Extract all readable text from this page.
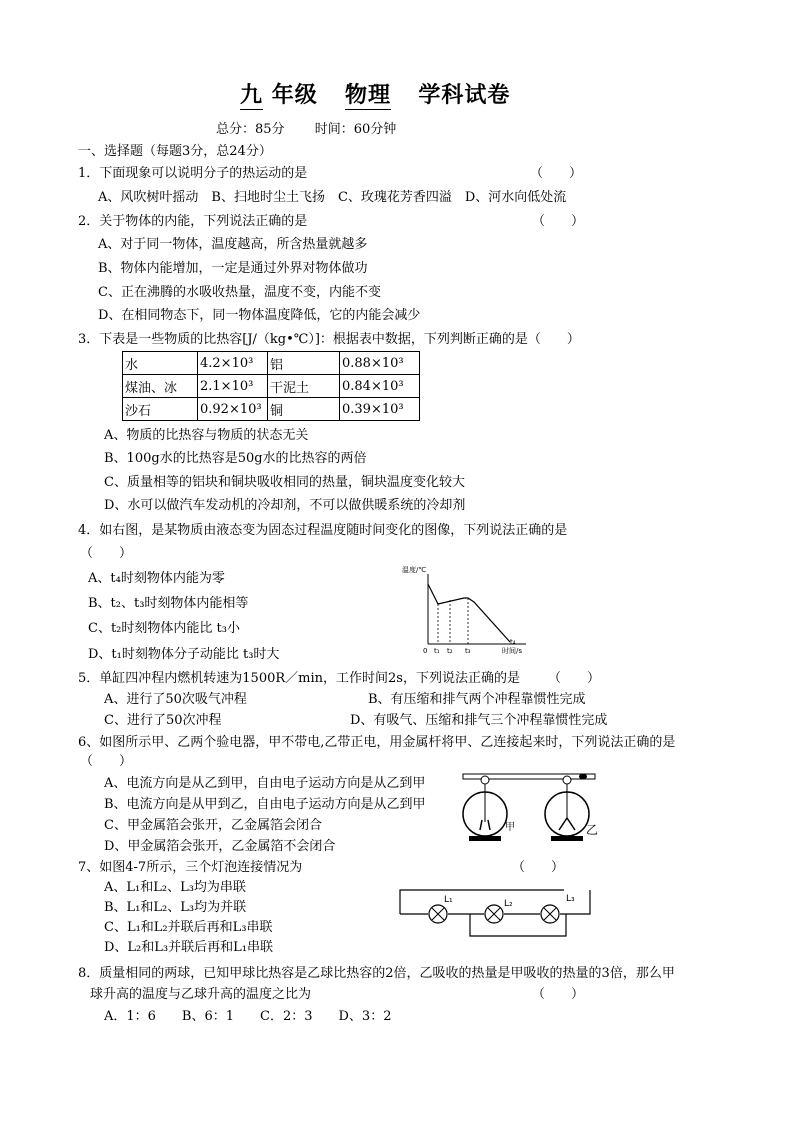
九 年级 物理 学科试卷
总分：85分 时间：60分钟
一、选择题（每题3分，总24分）
1．下面现象可以说明分子的热运动的是	（　　）
A、风吹树叶摇动　B、扫地时尘土飞扬　C、玫瑰花芳香四溢　D、河水向低处流
2．关于物体的内能，下列说法正确的是	（　　）
A、对于同一物体，温度越高，所含热量就越多
B、物体内能增加，一定是通过外界对物体做功
C、正在沸腾的水吸收热量，温度不变，内能不变
D、在相同物态下，同一物体温度降低，它的内能会减少
3．下表是一些物质的比热容[J/（kg•℃）]：根据表中数据，下列判断正确的是（　　）
水	4.2×10³	铝	0.88×10³
煤油、冰	2.1×10³	干泥土	0.84×10³
沙石	0.92×10³	铜	0.39×10³
A、物质的比热容与物质的状态无关
B、100g水的比热容是50g水的比热容的两倍
C、质量相等的铝块和铜块吸收相同的热量，铜块温度变化较大
D、水可以做汽车发动机的冷却剂，不可以做供暖系统的冷却剂
4．如右图，是某物质由液态变为固态过程温度随时间变化的图像，下列说法正确的是
（　　）
A、t₄时刻物体内能为零
B、t₂、t₃时刻物体内能相等
C、t₂时刻物体内能比 t₃小
D、t₁时刻物体分子动能比 t₃时大
温度/℃
时间/s
0 t₁ t₂ t₃
t₄
5．单缸四冲程内燃机转速为1500R／min，工作时间2s，下列说法正确的是 （　　）
A、进行了50次吸气冲程	B、有压缩和排气两个冲程靠惯性完成
C、进行了50次冲程	D、有吸气、压缩和排气三个冲程靠惯性完成
6、如图所示甲、乙两个验电器，甲不带电,乙带正电，用金属杆将甲、乙连接起来时，下列说法正确的是
（　　）
A、电流方向是从乙到甲，自由电子运动方向是从乙到甲
B、电流方向是从甲到乙，自由电子运动方向是从乙到甲
C、甲金属箔会张开，乙金属箔会闭合
D、甲金属箔会张开，乙金属箔不会闭合
甲	乙
7、如图4-7所示，三个灯泡连接情况为	（　　）
A、L₁和L₂、L₃均为串联
B、L₁和L₂、L₃均为并联
C、L₁和L₂并联后再和L₃串联
D、L₂和L₃并联后再和L₁串联
L₁	L₂	L₃
8．质量相同的两球，已知甲球比热容是乙球比热容的2倍，乙吸收的热量是甲吸收的热量的3倍，那么甲
球升高的温度与乙球升高的温度之比为	（　　）
A．1：6　　B、6：1　　C．2：3　　D、3：2
